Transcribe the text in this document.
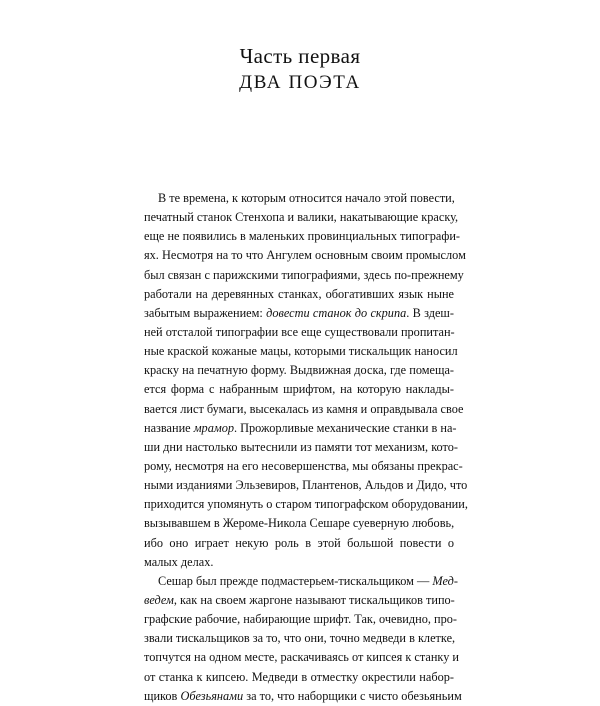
Часть первая
ДВА ПОЭТА
В те времена, к которым относится начало этой повести,
печатный станок Стенхопа и валики, накатывающие краску,
еще не появились в маленьких провинциальных типографи-
ях. Несмотря на то что Ангулем основным своим промыслом
был связан с парижскими типографиями, здесь по-прежнему
работали на деревянных станках, обогативших язык ныне
забытым выражением: довести станок до скрипа. В здеш-
ней отсталой типографии все еще существовали пропитан-
ные краской кожаные мацы, которыми тискальщик наносил
краску на печатную форму. Выдвижная доска, где помеща-
ется форма с набранным шрифтом, на которую наклады-
вается лист бумаги, высекалась из камня и оправдывала свое
название мрамор. Прожорливые механические станки в на-
ши дни настолько вытеснили из памяти тот механизм, кото-
рому, несмотря на его несовершенства, мы обязаны прекрас-
ными изданиями Эльзевиров, Плантенов, Альдов и Дидо, что
приходится упомянуть о старом типографском оборудовании,
вызывавшем в Жероме-Никола Сешаре суеверную любовь,
ибо оно играет некую роль в этой большой повести о
малых делах.
Сешар был прежде подмастерьем-тискальщиком — Мед-
ведем, как на своем жаргоне называют тискальщиков типо-
графские рабочие, набирающие шрифт. Так, очевидно, про-
звали тискальщиков за то, что они, точно медведи в клетке,
топчутся на одном месте, раскачиваясь от кипсея к станку и
от станка к кипсею. Медведи в отместку окрестили набор-
щиков Обезьянами за то, что наборщики с чисто обезьяньим
